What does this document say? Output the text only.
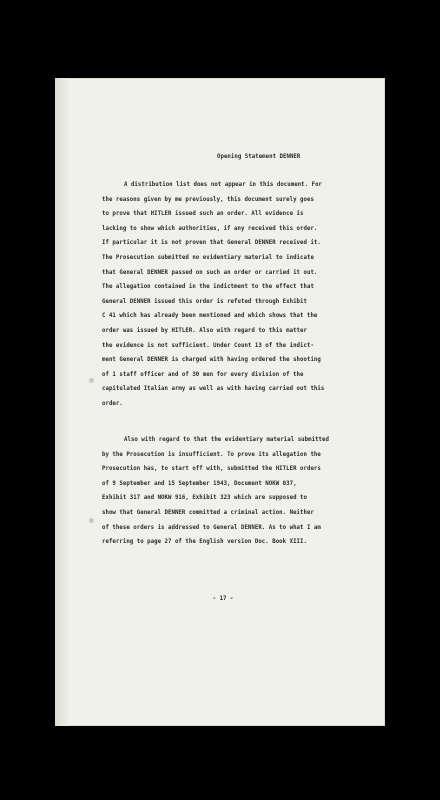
Opening Statement DENNER
A distribution list does not appear in this document. For
the reasons given by me previously, this document surely goes
to prove that HITLER issued such an order. All evidence is
lacking to show which authorities, if any received this order.
If particular it is not proven that General DENNER received it.
The Prosecution submitted no evidentiary material to indicate
that General DENNER passed on such an order or carried it out.
The allegation contained in the indictment to the effect that
General DENNER issued this order is refuted through Exhibit
C 41 which has already been mentioned and which shows that the
order was issued by HITLER. Also with regard to this matter
the evidence is not sufficient. Under Count 13 of the indict-
ment General DENNER is charged with having ordered the shooting
of 1 staff officer and of 30 men for every division of the
capitulated Italian army as well as with having carried out this
order.
Also with regard to that the evidentiary material submitted
by the Prosecution is insufficient. To prove its allegation the
Prosecution has, to start off with, submitted the HITLER orders
of 9 September and 15 September 1943, Document NOKW 037,
Exhibit 317 and NOKW 916, Exhibit 323 which are supposed to
show that General DENNER committed a criminal action. Neither
of these orders is addressed to General DENNER. As to what I am
referring to page 27 of the English version Doc. Book XIII.
- 17 -
